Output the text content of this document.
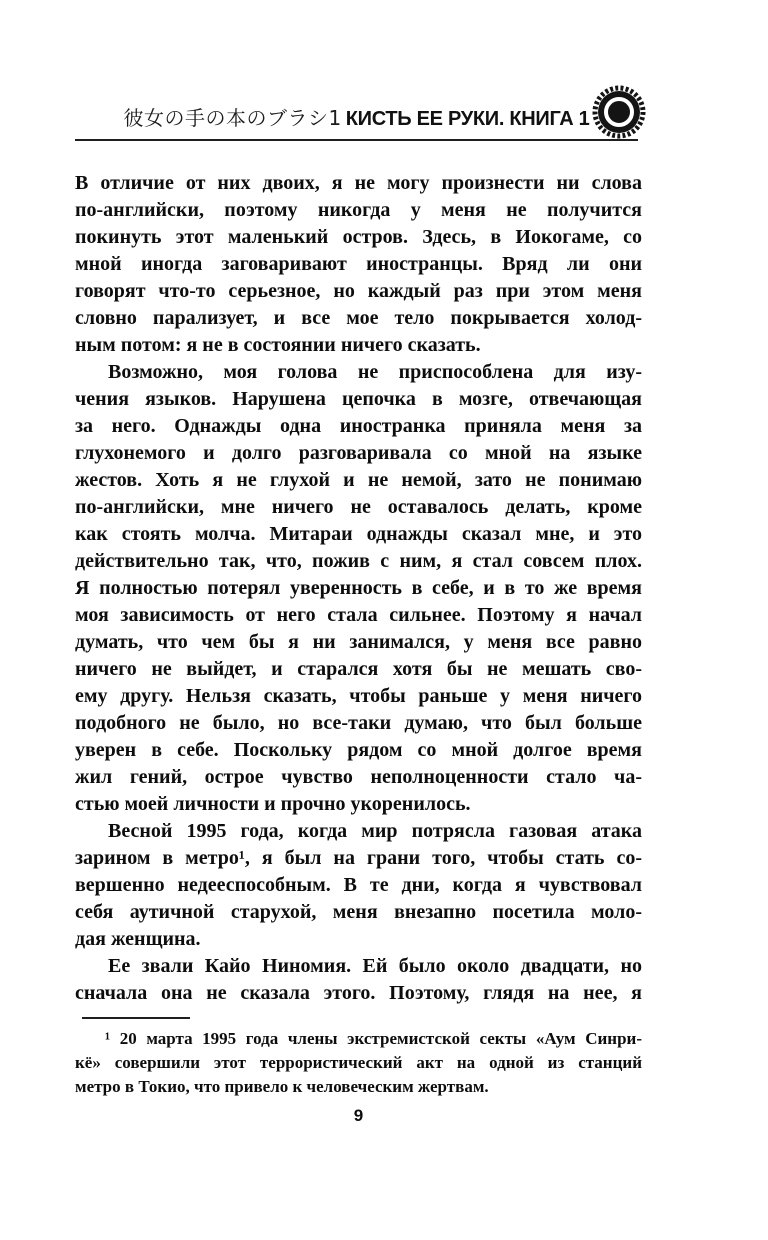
彼女の手の本のブラシ1 КИСТЬ ЕЕ РУКИ. КНИГА 1
В отличие от них двоих, я не могу произнести ни слова
по-английски, поэтому никогда у меня не получится
покинуть этот маленький остров. Здесь, в Иокогаме, со
мной иногда заговаривают иностранцы. Вряд ли они
говорят что-то серьезное, но каждый раз при этом меня
словно парализует, и все мое тело покрывается холод-
ным потом: я не в состоянии ничего сказать.
Возможно, моя голова не приспособлена для изу-
чения языков. Нарушена цепочка в мозге, отвечающая
за него. Однажды одна иностранка приняла меня за
глухонемого и долго разговаривала со мной на языке
жестов. Хоть я не глухой и не немой, зато не понимаю
по-английски, мне ничего не оставалось делать, кроме
как стоять молча. Митараи однажды сказал мне, и это
действительно так, что, пожив с ним, я стал совсем плох.
Я полностью потерял уверенность в себе, и в то же время
моя зависимость от него стала сильнее. Поэтому я начал
думать, что чем бы я ни занимался, у меня все равно
ничего не выйдет, и старался хотя бы не мешать сво-
ему другу. Нельзя сказать, чтобы раньше у меня ничего
подобного не было, но все-таки думаю, что был больше
уверен в себе. Поскольку рядом со мной долгое время
жил гений, острое чувство неполноценности стало ча-
стью моей личности и прочно укоренилось.
Весной 1995 года, когда мир потрясла газовая атака
зарином в метро¹, я был на грани того, чтобы стать со-
вершенно недееспособным. В те дни, когда я чувствовал
себя аутичной старухой, меня внезапно посетила моло-
дая женщина.
Ее звали Кайо Ниномия. Ей было около двадцати, но
сначала она не сказала этого. Поэтому, глядя на нее, я
¹ 20 марта 1995 года члены экстремистской секты «Аум Синри-
кё» совершили этот террористический акт на одной из станций
метро в Токио, что привело к человеческим жертвам.
9
